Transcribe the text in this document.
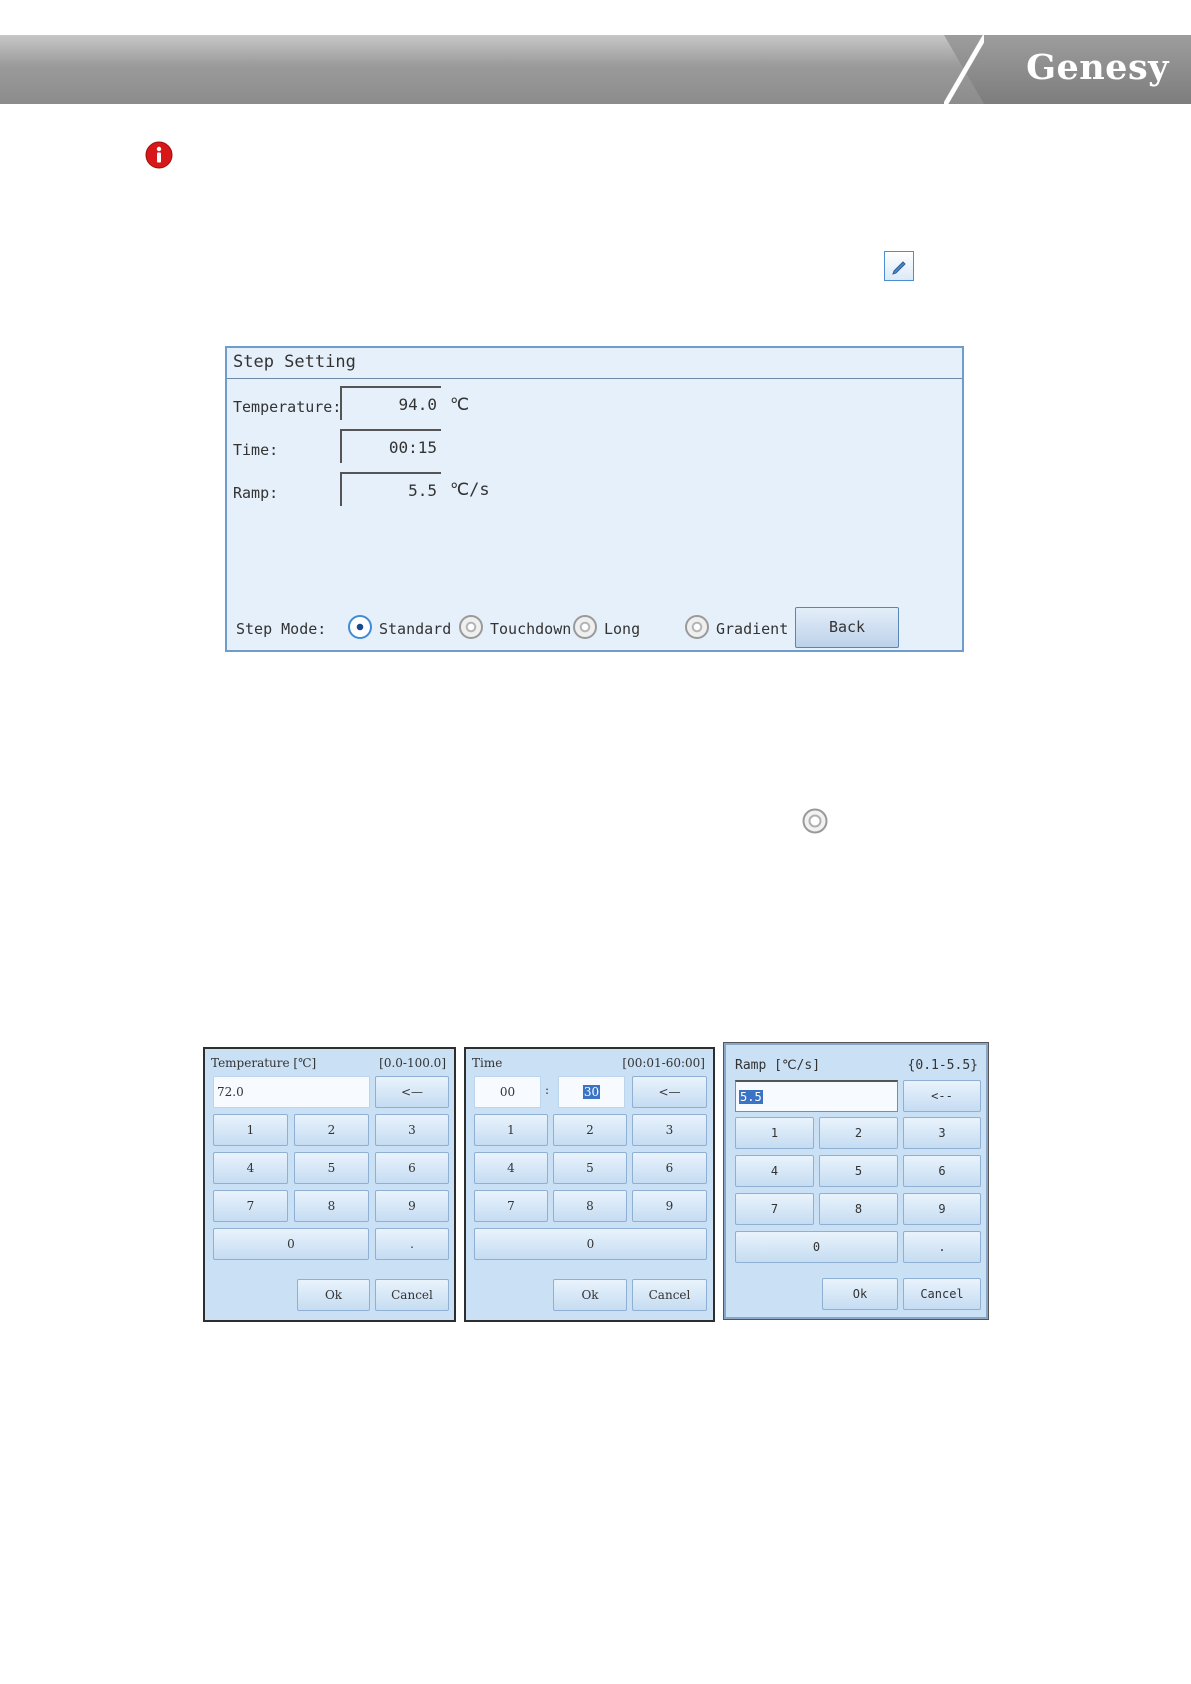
Genesy
Step Setting
Temperature:	94.0 ℃
Time:	00:15
Ramp:	5.5 ℃/s
Step Mode:	Standard	Touchdown Long	Gradient	Back
Temperature [℃]	[0.0-100.0]
72.0	<—
1	2	3
4	5	6
7	8	9
0	.
Ok	Cancel
Time	[00:01-60:00]
00	:	30	<—
1	2	3
4	5	6
7	8	9
0
Ok	Cancel
Ramp [℃/s]	{0.1-5.5}
5.5	<--
1	2	3
4	5	6
7	8	9
0	.
Ok	Cancel
